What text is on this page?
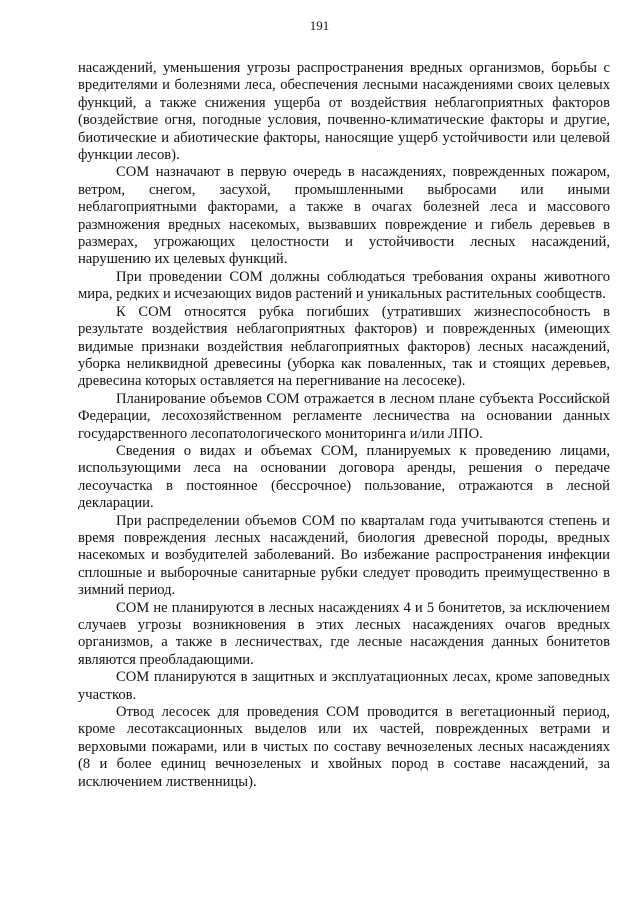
191

насаждений, уменьшения угрозы распространения вредных организмов, борьбы с вредителями и болезнями леса, обеспечения лесными насаждениями своих целевых функций, а также снижения ущерба от воздействия неблагоприятных факторов (воздействие огня, погодные условия, почвенно-климатические факторы и другие, биотические и абиотические факторы, наносящие ущерб устойчивости или целевой функции лесов).

СОМ назначают в первую очередь в насаждениях, поврежденных пожаром, ветром, снегом, засухой, промышленными выбросами или иными неблагоприятными факторами, а также в очагах болезней леса и массового размножения вредных насекомых, вызвавших повреждение и гибель деревьев в размерах, угрожающих целостности и устойчивости лесных насаждений, нарушению их целевых функций.

При проведении СОМ должны соблюдаться требования охраны животного мира, редких и исчезающих видов растений и уникальных растительных сообществ.

К СОМ относятся рубка погибших (утративших жизнеспособность в результате воздействия неблагоприятных факторов) и поврежденных (имеющих видимые признаки воздействия неблагоприятных факторов) лесных насаждений, уборка неликвидной древесины (уборка как поваленных, так и стоящих деревьев, древесина которых оставляется на перегнивание на лесосеке).

Планирование объемов СОМ отражается в лесном плане субъекта Российской Федерации, лесохозяйственном регламенте лесничества на основании данных государственного лесопатологического мониторинга и/или ЛПО.

Сведения о видах и объемах СОМ, планируемых к проведению лицами, использующими леса на основании договора аренды, решения о передаче лесоучастка в постоянное (бессрочное) пользование, отражаются в лесной декларации.

При распределении объемов СОМ по кварталам года учитываются степень и время повреждения лесных насаждений, биология древесной породы, вредных насекомых и возбудителей заболеваний. Во избежание распространения инфекции сплошные и выборочные санитарные рубки следует проводить преимущественно в зимний период.

СОМ не планируются в лесных насаждениях 4 и 5 бонитетов, за исключением случаев угрозы возникновения в этих лесных насаждениях очагов вредных организмов, а также в лесничествах, где лесные насаждения данных бонитетов являются преобладающими.

СОМ планируются в защитных и эксплуатационных лесах, кроме заповедных участков.

Отвод лесосек для проведения СОМ проводится в вегетационный период, кроме лесотаксационных выделов или их частей, поврежденных ветрами и верховыми пожарами, или в чистых по составу вечнозеленых лесных насаждениях (8 и более единиц вечнозеленых и хвойных пород в составе насаждений, за исключением лиственницы).
